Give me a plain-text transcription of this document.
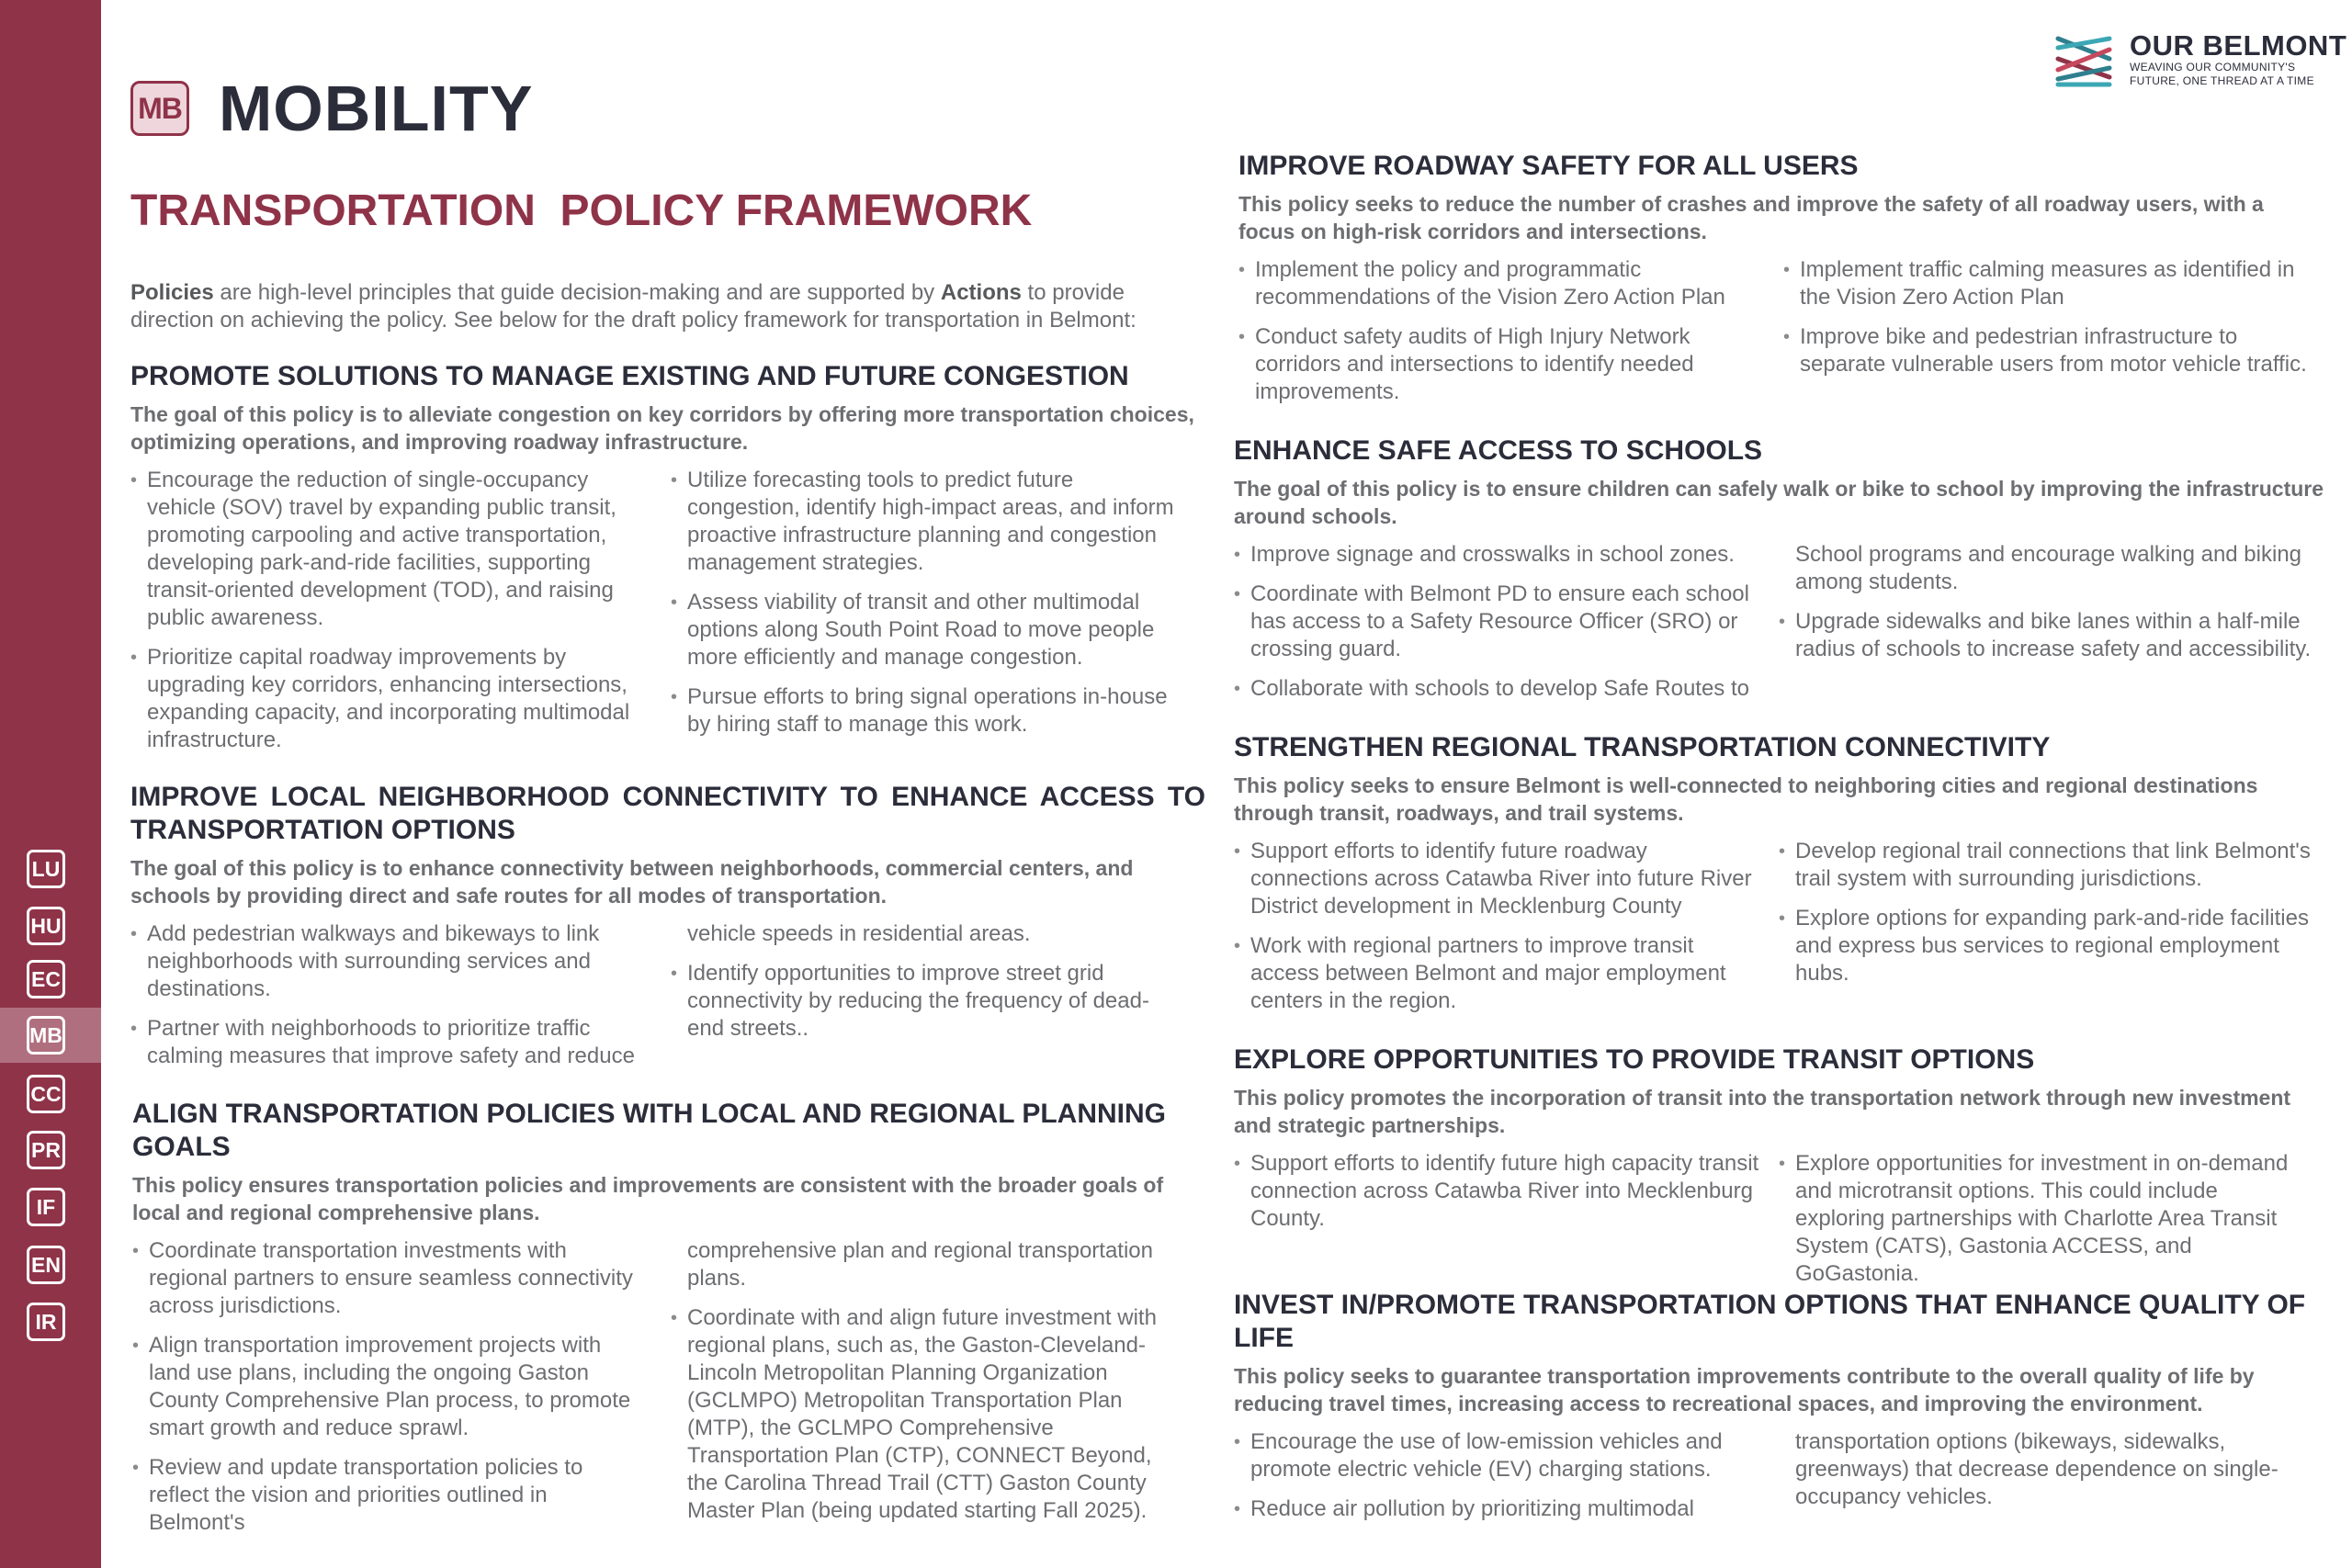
LU
HU
EC
MB
CC
PR
IF
EN
IR
MB MOBILITY
TRANSPORTATION  POLICY FRAMEWORK
Policies are high-level principles that guide decision-making and are supported by Actions to provide direction on achieving the policy. See below for the draft policy framework for transportation in Belmont:
OUR BELMONT
WEAVING OUR COMMUNITY'S
FUTURE, ONE THREAD AT A TIME
PROMOTE SOLUTIONS TO MANAGE EXISTING AND FUTURE CONGESTION

The goal of this policy is to alleviate congestion on key corridors by offering more transportation choices, optimizing operations, and improving roadway infrastructure.

• Encourage the reduction of single-occupancy vehicle (SOV) travel by expanding public transit, promoting carpooling and active transportation, developing park-and-ride facilities, supporting transit-oriented development (TOD), and raising public awareness.
• Prioritize capital roadway improvements by upgrading key corridors, enhancing intersections, expanding capacity, and incorporating multimodal infrastructure.
• Utilize forecasting tools to predict future congestion, identify high-impact areas, and inform proactive infrastructure planning and congestion management strategies.
• Assess viability of transit and other multimodal options along South Point Road to move people more efficiently and manage congestion.
• Pursue efforts to bring signal operations in-house by hiring staff to manage this work.
IMPROVE LOCAL NEIGHBORHOOD CONNECTIVITY TO ENHANCE ACCESS TO TRANSPORTATION OPTIONS

The goal of this policy is to enhance connectivity between neighborhoods, commercial centers, and schools by providing direct and safe routes for all modes of transportation.

• Add pedestrian walkways and bikeways to link neighborhoods with surrounding services and destinations.
• Partner with neighborhoods to prioritize traffic calming measures that improve safety and reduce
vehicle speeds in residential areas.
• Identify opportunities to improve street grid connectivity by reducing the frequency of dead-end streets..
ALIGN TRANSPORTATION POLICIES WITH LOCAL AND REGIONAL PLANNING GOALS

This policy ensures transportation policies and improvements are consistent with the broader goals of local and regional comprehensive plans.

• Coordinate transportation investments with regional partners to ensure seamless connectivity across jurisdictions.
• Align transportation improvement projects with land use plans, including the ongoing Gaston County Comprehensive Plan process, to promote smart growth and reduce sprawl.
• Review and update transportation policies to reflect the vision and priorities outlined in Belmont's
comprehensive plan and regional transportation plans.
• Coordinate with and align future investment with regional plans, such as, the Gaston-Cleveland-Lincoln Metropolitan Planning Organization (GCLMPO) Metropolitan Transportation Plan (MTP), the GCLMPO Comprehensive Transportation Plan (CTP), CONNECT Beyond, the Carolina Thread Trail (CTT) Gaston County Master Plan (being updated starting Fall 2025).
IMPROVE ROADWAY SAFETY FOR ALL USERS

This policy seeks to reduce the number of crashes and improve the safety of all roadway users, with a focus on high-risk corridors and intersections.

• Implement the policy and programmatic recommendations of the Vision Zero Action Plan
• Conduct safety audits of High Injury Network corridors and intersections to identify needed improvements.
• Implement traffic calming measures as identified in the Vision Zero Action Plan
• Improve bike and pedestrian infrastructure to separate vulnerable users from motor vehicle traffic.
ENHANCE SAFE ACCESS TO SCHOOLS

The goal of this policy is to ensure children can safely walk or bike to school by improving the infrastructure around schools.

• Improve signage and crosswalks in school zones.
• Coordinate with Belmont PD to ensure each school has access to a Safety Resource Officer (SRO) or crossing guard.
• Collaborate with schools to develop Safe Routes to
School programs and encourage walking and biking among students.
• Upgrade sidewalks and bike lanes within a half-mile radius of schools to increase safety and accessibility.
STRENGTHEN REGIONAL TRANSPORTATION CONNECTIVITY

This policy seeks to ensure Belmont is well-connected to neighboring cities and regional destinations through transit, roadways, and trail systems.

• Support efforts to identify future roadway connections across Catawba River into future River District development in Mecklenburg County
• Work with regional partners to improve transit access between Belmont and major employment centers in the region.
• Develop regional trail connections that link Belmont's trail system with surrounding jurisdictions.
• Explore options for expanding park-and-ride facilities and express bus services to regional employment hubs.
EXPLORE OPPORTUNITIES TO PROVIDE TRANSIT OPTIONS

This policy promotes the incorporation of transit into the transportation network through new investment and strategic partnerships.

• Support efforts to identify future high capacity transit connection across Catawba River into Mecklenburg County.
• Explore opportunities for investment in on-demand and microtransit options. This could include exploring partnerships with Charlotte Area Transit System (CATS), Gastonia ACCESS, and GoGastonia.
INVEST IN/PROMOTE TRANSPORTATION OPTIONS THAT ENHANCE QUALITY OF LIFE

This policy seeks to guarantee transportation improvements contribute to the overall quality of life by reducing travel times, increasing access to recreational spaces, and improving the environment.

• Encourage the use of low-emission vehicles and promote electric vehicle (EV) charging stations.
• Reduce air pollution by prioritizing multimodal
transportation options (bikeways, sidewalks, greenways) that decrease dependence on single-occupancy vehicles.
